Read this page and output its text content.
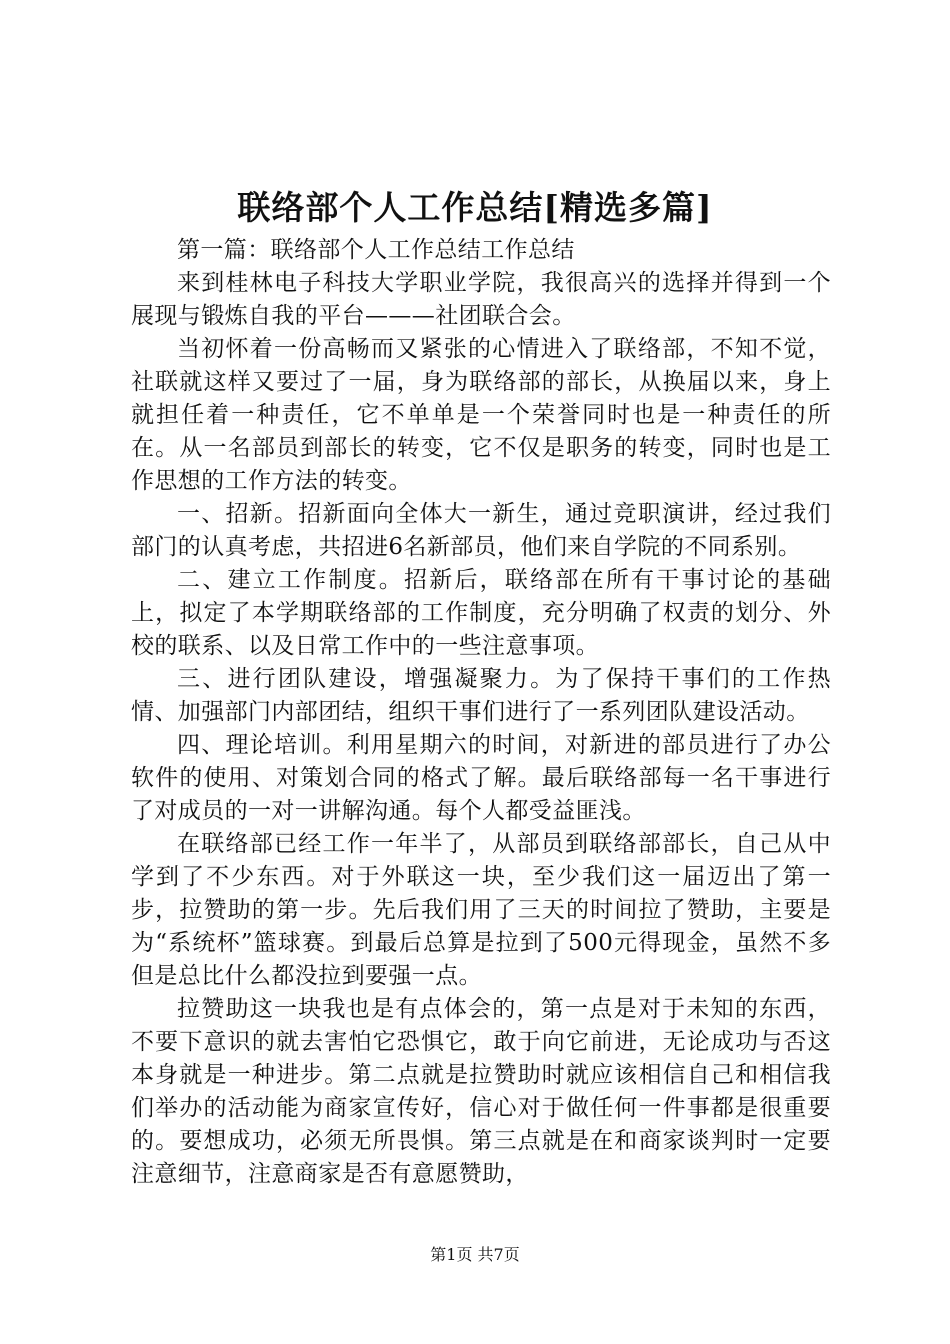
联络部个人工作总结[精选多篇]

第一篇：联络部个人工作总结工作总结

来到桂林电子科技大学职业学院，我很高兴的选择并得到一个展现与锻炼自我的平台———社团联合会。

当初怀着一份高畅而又紧张的心情进入了联络部，不知不觉，社联就这样又要过了一届，身为联络部的部长，从换届以来，身上就担任着一种责任，它不单单是一个荣誉同时也是一种责任的所在。从一名部员到部长的转变，它不仅是职务的转变，同时也是工作思想的工作方法的转变。

一、招新。招新面向全体大一新生，通过竞职演讲，经过我们部门的认真考虑，共招进6名新部员，他们来自学院的不同系别。

二、建立工作制度。招新后，联络部在所有干事讨论的基础上，拟定了本学期联络部的工作制度，充分明确了权责的划分、外校的联系、以及日常工作中的一些注意事项。

三、进行团队建设，增强凝聚力。为了保持干事们的工作热情、加强部门内部团结，组织干事们进行了一系列团队建设活动。

四、理论培训。利用星期六的时间，对新进的部员进行了办公软件的使用、对策划合同的格式了解。最后联络部每一名干事进行了对成员的一对一讲解沟通。每个人都受益匪浅。

在联络部已经工作一年半了，从部员到联络部部长，自己从中学到了不少东西。对于外联这一块，至少我们这一届迈出了第一步，拉赞助的第一步。先后我们用了三天的时间拉了赞助，主要是为“系统杯”篮球赛。到最后总算是拉到了500元得现金，虽然不多但是总比什么都没拉到要强一点。

拉赞助这一块我也是有点体会的，第一点是对于未知的东西，不要下意识的就去害怕它恐惧它，敢于向它前进，无论成功与否这本身就是一种进步。第二点就是拉赞助时就应该相信自己和相信我们举办的活动能为商家宣传好，信心对于做任何一件事都是很重要的。要想成功，必须无所畏惧。第三点就是在和商家谈判时一定要注意细节，注意商家是否有意愿赞助，

第1页 共7页
